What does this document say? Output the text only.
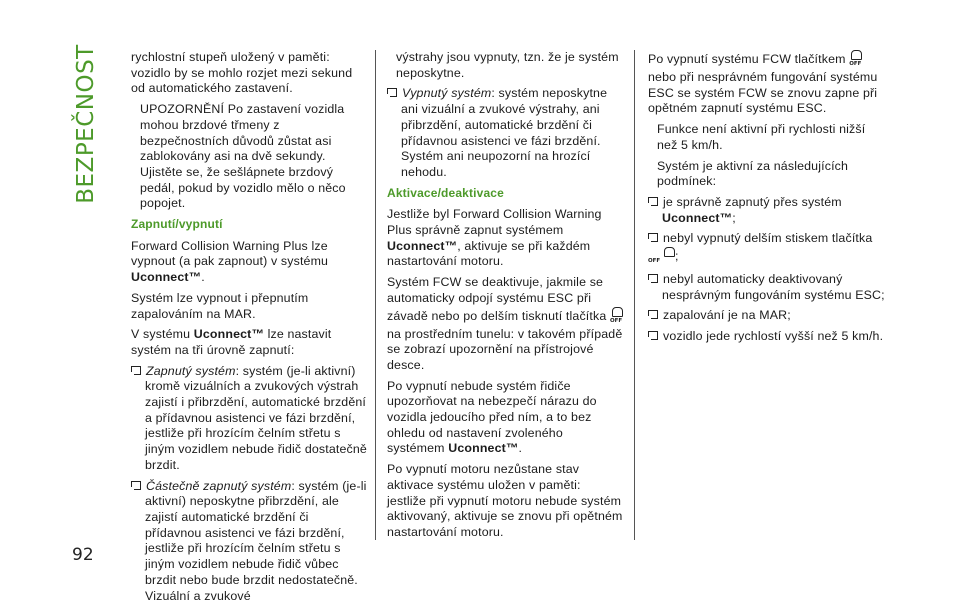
BEZPEČNOST
92

rychlostní stupeň uložený v paměti: vozidlo by se mohlo rozjet mezi sekund od automatického zastavení.

UPOZORNĚNÍ Po zastavení vozidla mohou brzdové třmeny z bezpečnostních důvodů zůstat asi zablokovány asi na dvě sekundy. Ujistěte se, že sešlápnete brzdový pedál, pokud by vozidlo mělo o něco popojet.

Zapnutí/vypnutí

Forward Collision Warning Plus lze vypnout (a pak zapnout) v systému Uconnect™.

Systém lze vypnout i přepnutím zapalováním na MAR.

V systému Uconnect™ lze nastavit systém na tři úrovně zapnutí:

Zapnutý systém: systém (je-li aktivní) kromě vizuálních a zvukových výstrah zajistí i přibrzdění, automatické brzdění a přídavnou asistenci ve fázi brzdění, jestliže při hrozícím čelním střetu s jiným vozidlem nebude řidič dostatečně brzdit.

Částečně zapnutý systém: systém (je-li aktivní) neposkytne přibrzdění, ale zajistí automatické brzdění či přídavnou asistenci ve fázi brzdění, jestliže při hrozícím čelním střetu s jiným vozidlem nebude řidič vůbec brzdit nebo bude brzdit nedostatečně. Vizuální a zvukové

výstrahy jsou vypnuty, tzn. že je systém neposkytne.

Vypnutý systém: systém neposkytne ani vizuální a zvukové výstrahy, ani přibrzdění, automatické brzdění či přídavnou asistenci ve fázi brzdění. Systém ani neupozorní na hrozící nehodu.

Aktivace/deaktivace

Jestliže byl Forward Collision Warning Plus správně zapnut systémem Uconnect™, aktivuje se při každém nastartování motoru.

Systém FCW se deaktivuje, jakmile se automaticky odpojí systému ESC při závadě nebo po delším tisknutí tlačítka OFF
na prostředním tunelu: v takovém případě se zobrazí upozornění na přístrojové desce.

Po vypnutí nebude systém řidiče upozorňovat na nebezpečí nárazu do vozidla jedoucího před ním, a to bez ohledu od nastavení zvoleného systémem Uconnect™.

Po vypnutí motoru nezůstane stav aktivace systému uložen v paměti: jestliže při vypnutí motoru nebude systém aktivovaný, aktivuje se znovu při opětném nastartování motoru.

Po vypnutí systému FCW tlačítkem OFF
nebo při nesprávném fungování systému ESC se systém FCW se znovu zapne při opětném zapnutí systému ESC.

Funkce není aktivní při rychlosti nižší než 5 km/h.

Systém je aktivní za následujících podmínek:

je správně zapnutý přes systém Uconnect™;

nebyl vypnutý delším stiskem tlačítka
OFF ;

nebyl automaticky deaktivovaný nesprávným fungováním systému ESC;

zapalování je na MAR;

vozidlo jede rychlostí vyšší než 5 km/h.
